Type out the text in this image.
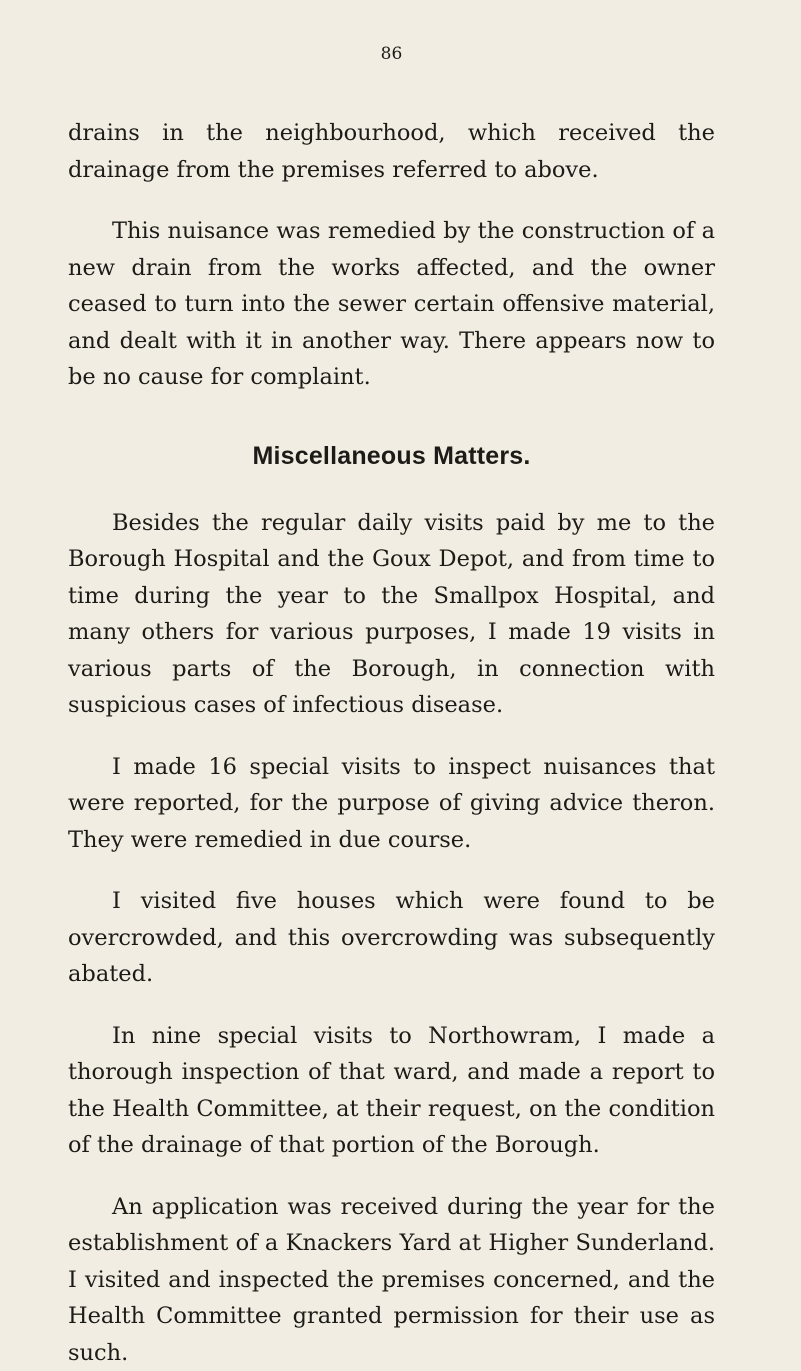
86

drains in the neighbourhood, which received the drainage from the premises referred to above.

This nuisance was remedied by the construction of a new drain from the works affected, and the owner ceased to turn into the sewer certain offensive material, and dealt with it in another way. There appears now to be no cause for complaint.

Miscellaneous Matters.

Besides the regular daily visits paid by me to the Borough Hospital and the Goux Depot, and from time to time during the year to the Smallpox Hospital, and many others for various purposes, I made 19 visits in various parts of the Borough, in connection with suspicious cases of infectious disease.

I made 16 special visits to inspect nuisances that were reported, for the purpose of giving advice theron. They were remedied in due course.

I visited five houses which were found to be overcrowded, and this overcrowding was subsequently abated.

In nine special visits to Northowram, I made a thorough inspection of that ward, and made a report to the Health Committee, at their request, on the condition of the drainage of that portion of the Borough.

An application was received during the year for the establishment of a Knackers Yard at Higher Sunderland. I visited and inspected the premises concerned, and the Health Committee granted permission for their use as such.
